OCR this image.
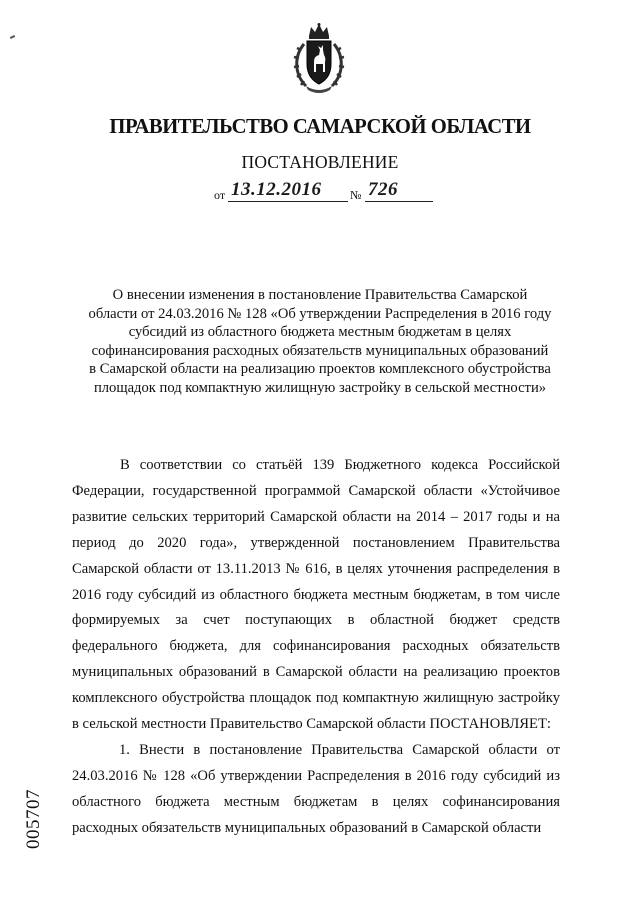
ПРАВИТЕЛЬСТВО САМАРСКОЙ ОБЛАСТИ
ПОСТАНОВЛЕНИЕ
от 13.12.2016 № 726
О внесении изменения в постановление Правительства Самарской
области от 24.03.2016 № 128 «Об утверждении Распределения в 2016 году
субсидий из областного бюджета местным бюджетам в целях
софинансирования расходных обязательств муниципальных образований
в Самарской области на реализацию проектов комплексного обустройства
площадок под компактную жилищную застройку в сельской местности»

В соответствии со статьёй 139 Бюджетного кодекса Российской Федерации, государственной программой Самарской области «Устойчивое развитие сельских территорий Самарской области на 2014 – 2017 годы и на период до 2020 года», утвержденной постановлением Правительства Самарской области от 13.11.2013 № 616, в целях уточнения распределения в 2016 году субсидий из областного бюджета местным бюджетам, в том числе формируемых за счет поступающих в областной бюджет средств федерального бюджета, для софинансирования расходных обязательств муниципальных образований в Самарской области на реализацию проектов комплексного обустройства площадок под компактную жилищную застройку в сельской местности Правительство Самарской области ПОСТАНОВЛЯЕТ:

1. Внести в постановление Правительства Самарской области от 24.03.2016 № 128 «Об утверждении Распределения в 2016 году субсидий из областного бюджета местным бюджетам в целях софинансирования расходных обязательств муниципальных образований в Самарской области

005707
